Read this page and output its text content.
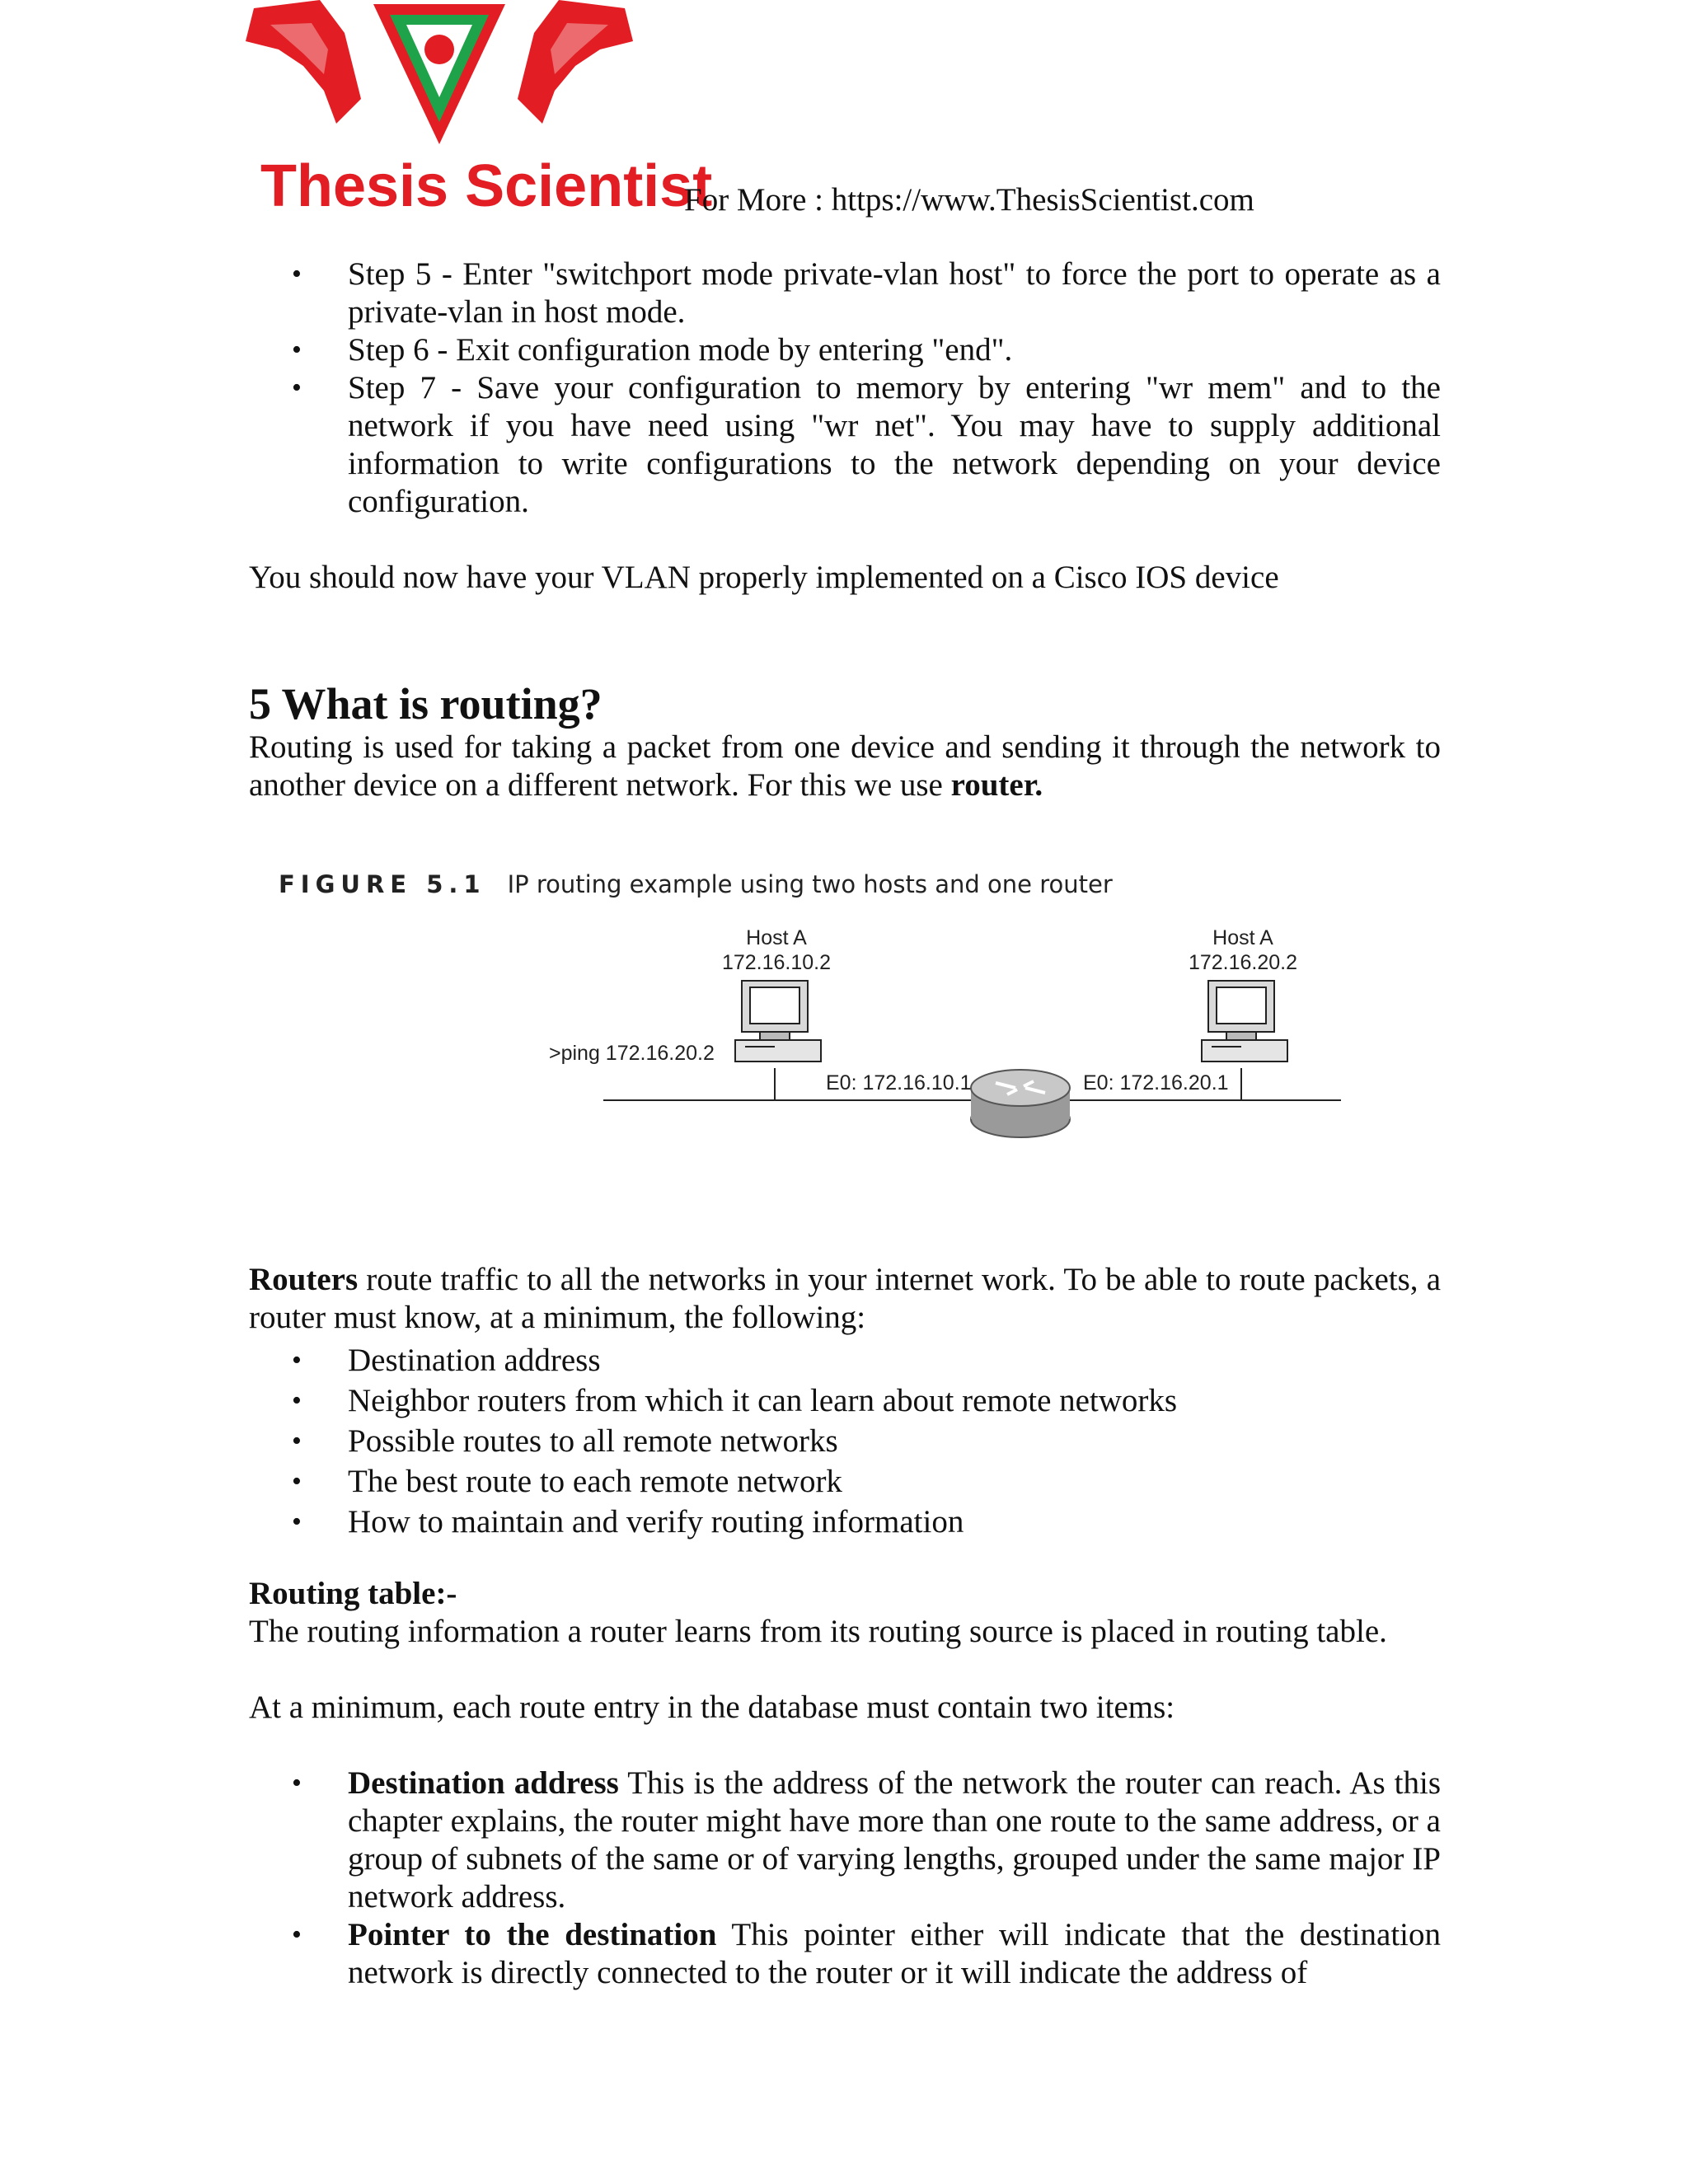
Thesis Scientist
For More : https://www.ThesisScientist.com
• Step 5 - Enter "switchport mode private-vlan host" to force the port to operate as a private-vlan in host mode.
• Step 6 - Exit configuration mode by entering "end".
• Step 7 - Save your configuration to memory by entering "wr mem" and to the network if you have need using "wr net". You may have to supply additional information to write configurations to the network depending on your device configuration.

You should now have your VLAN properly implemented on a Cisco IOS device

5 What is routing?

Routing is used for taking a packet from one device and sending it through the network to another device on a different network. For this we use router.

FIGURE 5.1 IP routing example using two hosts and one router
Host A
172.16.10.2
Host A
172.16.20.2
>ping 172.16.20.2
E0: 172.16.10.1	E0: 172.16.20.1

Routers route traffic to all the networks in your internet work. To be able to route packets, a router must know, at a minimum, the following:

• Destination address
• Neighbor routers from which it can learn about remote networks
• Possible routes to all remote networks
• The best route to each remote network
• How to maintain and verify routing information

Routing table:-

The routing information a router learns from its routing source is placed in routing table.

At a minimum, each route entry in the database must contain two items:

• Destination address This is the address of the network the router can reach. As this chapter explains, the router might have more than one route to the same address, or a group of subnets of the same or of varying lengths, grouped under the same major IP network address.
• Pointer to the destination This pointer either will indicate that the destination network is directly connected to the router or it will indicate the address of
